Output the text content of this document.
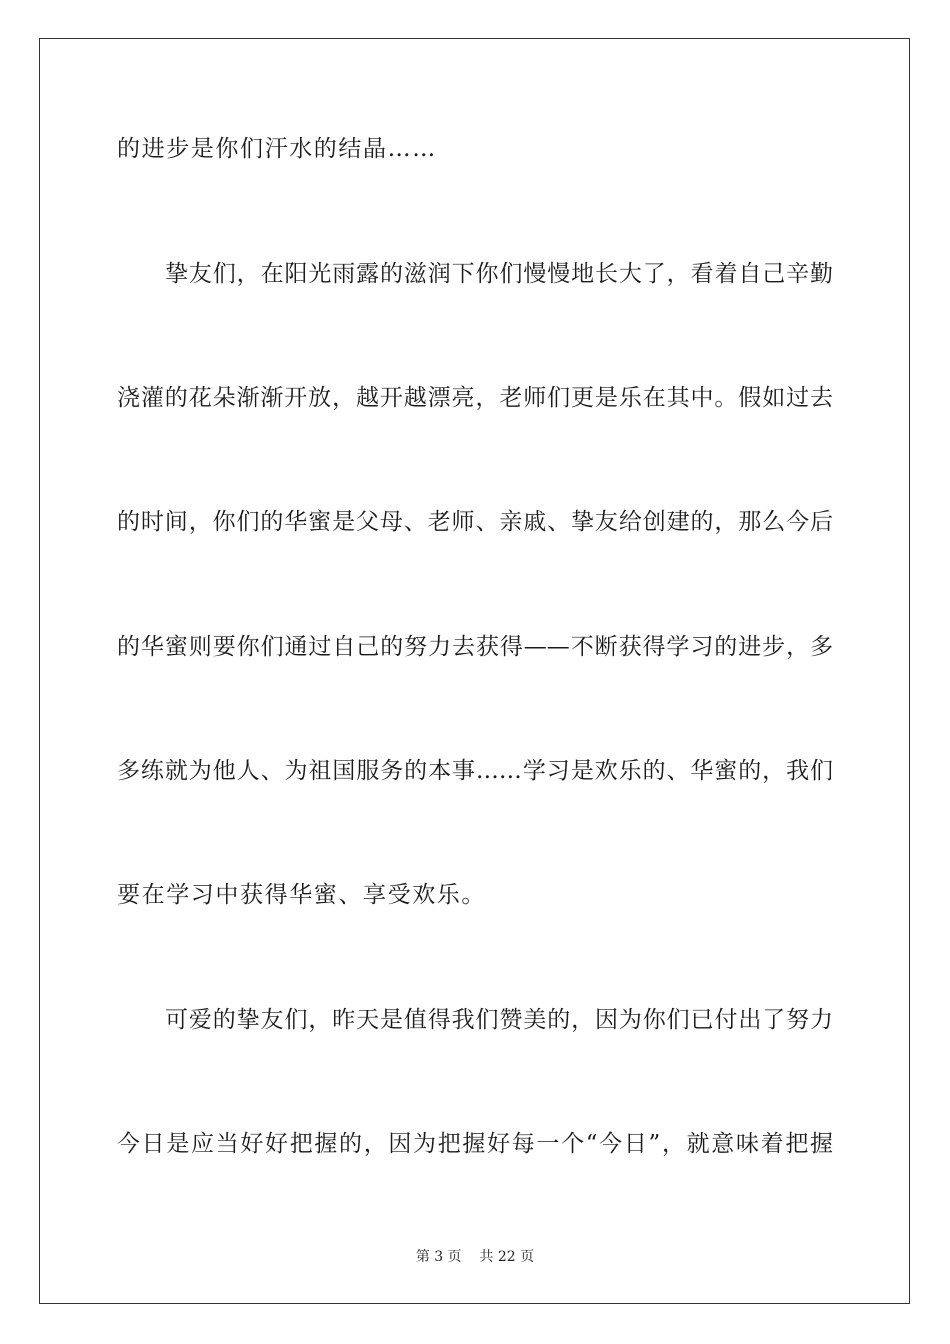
的进步是你们汗水的结晶……
挚友们，在阳光雨露的滋润下你们慢慢地长大了，看着自己辛勤
浇灌的花朵渐渐开放，越开越漂亮，老师们更是乐在其中。假如过去
的时间，你们的华蜜是父母、老师、亲戚、挚友给创建的，那么今后
的华蜜则要你们通过自己的努力去获得——不断获得学习的进步，多
多练就为他人、为祖国服务的本事……学习是欢乐的、华蜜的，我们
要在学习中获得华蜜、享受欢乐。
可爱的挚友们，昨天是值得我们赞美的，因为你们已付出了努力
今日是应当好好把握的，因为把握好每一个“今日”，就意味着把握
第 3 页    共 22 页
